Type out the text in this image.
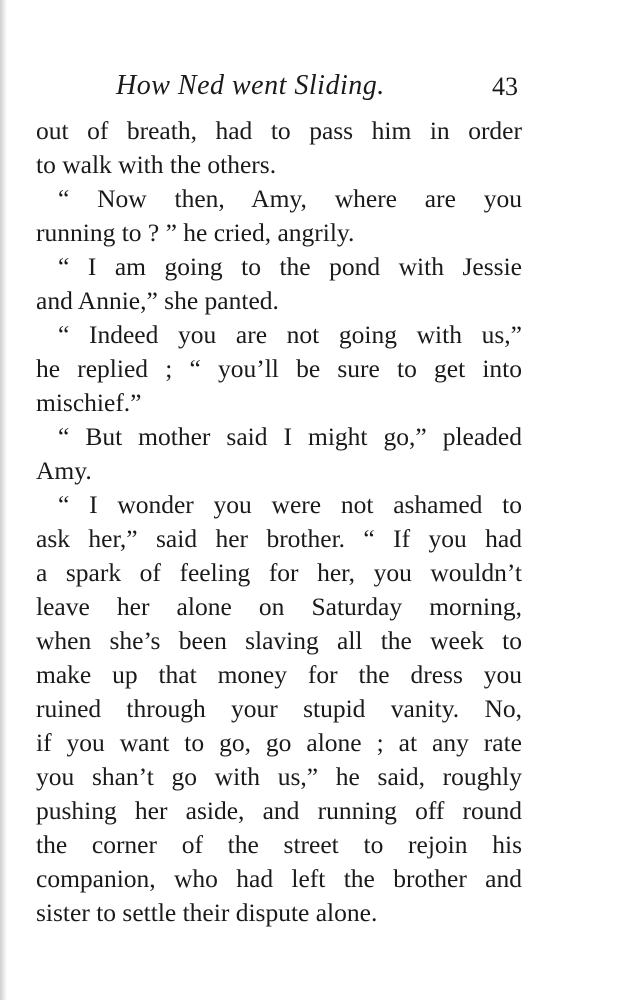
How Ned went Sliding.	43
out of breath, had to pass him in order
to walk with the others.
“ Now then, Amy, where are you
running to ? ” he cried, angrily.
“ I am going to the pond with Jessie
and Annie,” she panted.
“ Indeed you are not going with us,”
he replied ; “ you’ll be sure to get into
mischief.”
“ But mother said I might go,” pleaded
Amy.
“ I wonder you were not ashamed to
ask her,” said her brother. “ If you had
a spark of feeling for her, you wouldn’t
leave her alone on Saturday morning,
when she’s been slaving all the week to
make up that money for the dress you
ruined through your stupid vanity. No,
if you want to go, go alone ; at any rate
you shan’t go with us,” he said, roughly
pushing her aside, and running off round
the corner of the street to rejoin his
companion, who had left the brother and
sister to settle their dispute alone.
